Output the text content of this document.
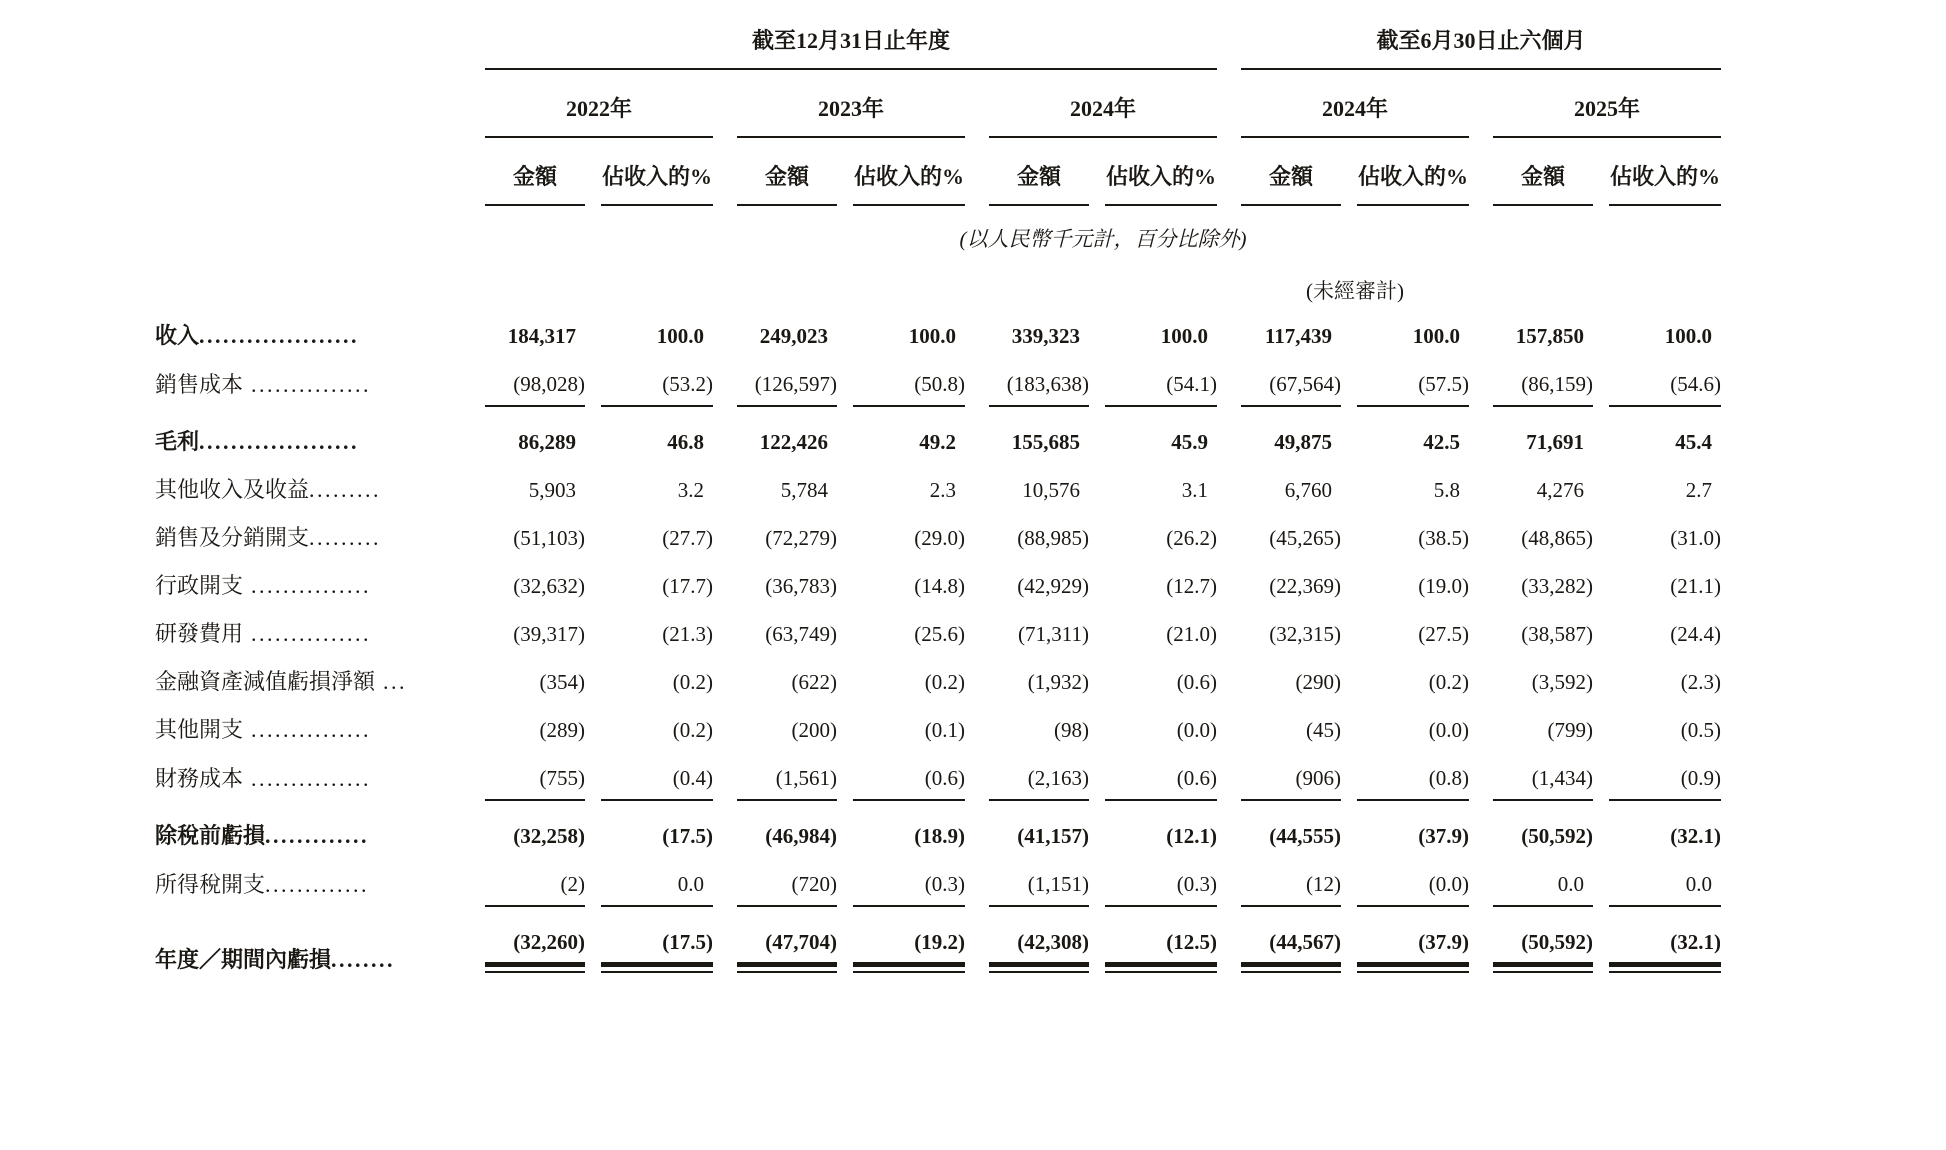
	截至12月31日止年度												截至6月30日止六個月						
	2022年				2023年				2024年				2024年				2025年		
	金額		佔收入的%		金額		佔收入的%		金額		佔收入的%		金額		佔收入的%		金額		佔收入的%
	(以人民幣千元計，百分比除外)																		
													(未經審計)						
收入....................	184,317		100.0		249,023		100.0		339,323		100.0		117,439		100.0		157,850		100.0
銷售成本 ...............	(98,028)		(53.2)		(126,597)		(50.8)		(183,638)		(54.1)		(67,564)		(57.5)		(86,159)		(54.6)
毛利....................	86,289		46.8		122,426		49.2		155,685		45.9		49,875		42.5		71,691		45.4
其他收入及收益.........	5,903		3.2		5,784		2.3		10,576		3.1		6,760		5.8		4,276		2.7
銷售及分銷開支.........	(51,103)		(27.7)		(72,279)		(29.0)		(88,985)		(26.2)		(45,265)		(38.5)		(48,865)		(31.0)
行政開支 ...............	(32,632)		(17.7)		(36,783)		(14.8)		(42,929)		(12.7)		(22,369)		(19.0)		(33,282)		(21.1)
研發費用 ...............	(39,317)		(21.3)		(63,749)		(25.6)		(71,311)		(21.0)		(32,315)		(27.5)		(38,587)		(24.4)
金融資產減值虧損淨額 ...	(354)		(0.2)		(622)		(0.2)		(1,932)		(0.6)		(290)		(0.2)		(3,592)		(2.3)
其他開支 ...............	(289)		(0.2)		(200)		(0.1)		(98)		(0.0)		(45)		(0.0)		(799)		(0.5)
財務成本 ...............	(755)		(0.4)		(1,561)		(0.6)		(2,163)		(0.6)		(906)		(0.8)		(1,434)		(0.9)
除稅前虧損.............	(32,258)		(17.5)		(46,984)		(18.9)		(41,157)		(12.1)		(44,555)		(37.9)		(50,592)		(32.1)
所得稅開支.............	(2)		0.0		(720)		(0.3)		(1,151)		(0.3)		(12)		(0.0)		0.0		0.0
年度／期間內虧損........	(32,260)		(17.5)		(47,704)		(19.2)		(42,308)		(12.5)		(44,567)		(37.9)		(50,592)		(32.1)
